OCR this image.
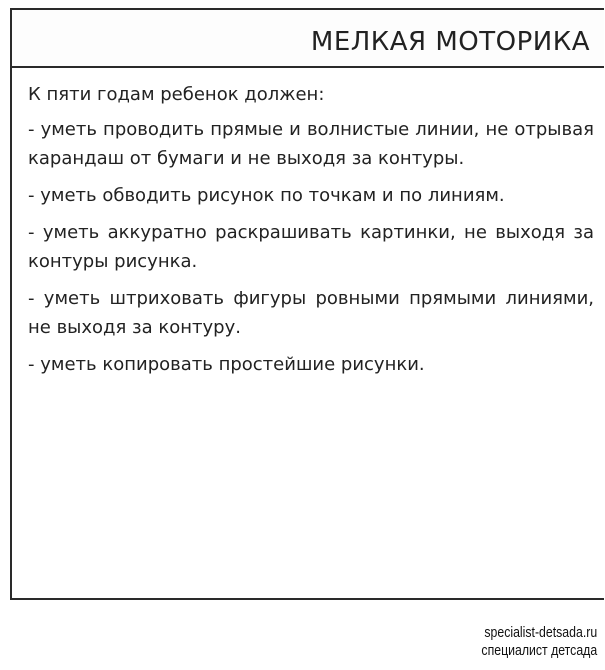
МЕЛКАЯ МОТОРИКА

К пяти годам ребенок должен:

- уметь проводить прямые и волнистые линии, не отрывая карандаш от бумаги и не выходя за контуры.

- уметь обводить рисунок по точкам и по линиям.

- уметь аккуратно раскрашивать картинки, не выходя за контуры рисунка.

- уметь штриховать фигуры ровными прямыми линиями, не выходя за контуру.

- уметь копировать простейшие рисунки.

specialist-detsada.ru
специалист детсада
